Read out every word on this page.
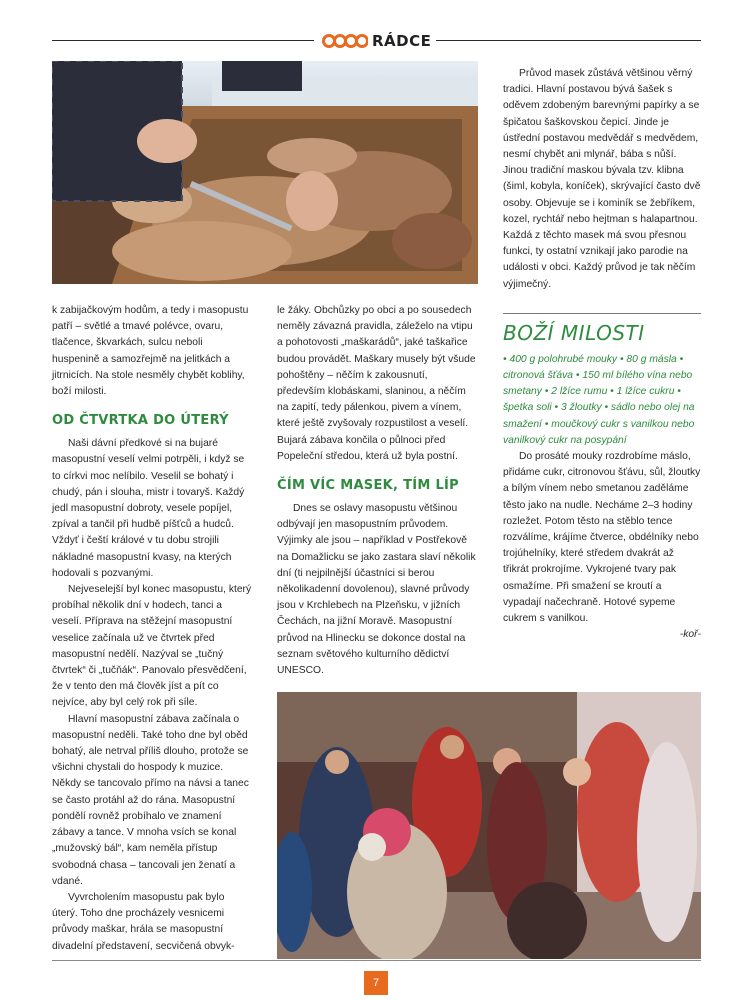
RÁDCE

k zabijačkovým hodům, a tedy i masopustu patří – světlé a tmavé polévce, ovaru, tlačence, škvarkách, sulcu neboli huspenině a samozřejmě na jelitkách a jitrnicích. Na stole nesměly chybět koblihy, boží milosti.

OD ČTVRTKA DO ÚTERÝ

Naši dávní předkové si na bujaré masopustní veselí velmi potrpěli, i když se to církvi moc nelíbilo. Veselil se bohatý i chudý, pán i slouha, mistr i tovaryš. Každý jedl masopustní dobroty, vesele popíjel, zpíval a tančil při hudbě píšťců a hudců. Vždyť i čeští králové v tu dobu strojili nákladné masopustní kvasy, na kterých hodovali s pozvanými.

Nejveselejší byl konec masopustu, který probíhal několik dní v hodech, tanci a veselí. Příprava na stěžejní masopustní veselice začínala už ve čtvrtek před masopustní nedělí. Nazýval se „tučný čtvrtek“ či „tučňák“. Panovalo přesvědčení, že v tento den má člověk jíst a pít co nejvíce, aby byl celý rok při síle.

Hlavní masopustní zábava začínala o masopustní neděli. Také toho dne byl oběd bohatý, ale netrval příliš dlouho, protože se všichni chystali do hospody k muzice. Někdy se tancovalo přímo na návsi a tanec se často protáhl až do rána. Masopustní pondělí rovněž probíhalo ve znamení zábavy a tance. V mnoha vsích se konal „mužovský bál“, kam neměla přístup svobodná chasa – tancovali jen ženatí a vdané.

Vyvrcholením masopustu pak bylo úterý. Toho dne procházely vesnicemi průvody maškar, hrála se masopustní divadelní představení, secvičená obvyk-

le žáky. Obchůzky po obci a po sousedech neměly závazná pravidla, záleželo na vtipu a pohotovosti „maškarádů“, jaké taškařice budou provádět. Maškary musely být všude pohoštěny – něčím k zakousnutí, především klobáskami, slaninou, a něčím na zapití, tedy pálenkou, pivem a vínem, které ještě zvyšovaly rozpustilost a veselí. Bujará zábava končila o půlnoci před Popeleční středou, která už byla postní.

ČÍM VÍC MASEK, TÍM LÍP

Dnes se oslavy masopustu většinou odbývají jen masopustním průvodem. Výjimky ale jsou – například v Postřekově na Domažlicku se jako zastara slaví několik dní (ti nejpilnější účastníci si berou několikadenní dovolenou), slavné průvody jsou v Krchlebech na Plzeňsku, v jižních Čechách, na jižní Moravě. Masopustní průvod na Hlinecku se dokonce dostal na seznam světového kulturního dědictví UNESCO.

Průvod masek zůstává většinou věrný tradici. Hlavní postavou bývá šašek s oděvem zdobeným barevnými papírky a se špičatou šaškovskou čepicí. Jinde je ústřední postavou medvědář s medvědem, nesmí chybět ani mlynář, bába s nůší. Jinou tradiční maskou bývala tzv. klibna (šiml, kobyla, koníček), skrývající často dvě osoby. Objevuje se i kominík se žebříkem, kozel, rychtář nebo hejtman s halapartnou. Každá z těchto masek má svou přesnou funkci, ty ostatní vznikají jako parodie na události v obci. Každý průvod je tak něčím výjimečný.

BOŽÍ MILOSTI

• 400 g polohrubé mouky • 80 g másla • citronová šťáva • 150 ml bílého vína nebo smetany • 2 lžíce rumu • 1 lžíce cukru • špetka soli • 3 žloutky • sádlo nebo olej na smažení • moučkový cukr s vanilkou nebo vanilkový cukr na posypání

Do prosáté mouky rozdrobíme máslo, přidáme cukr, citronovou šťávu, sůl, žloutky a bílým vínem nebo smetanou zaděláme těsto jako na nudle. Necháme 2–3 hodiny rozležet. Potom těsto na stěblo tence rozválíme, krájíme čtverce, obdélníky nebo trojúhelníky, které středem dvakrát až třikrát prokrojíme. Vykrojené tvary pak osmažíme. Při smažení se kroutí a vypadají načechraně. Hotové sypeme cukrem s vanilkou.

-koř-

7
